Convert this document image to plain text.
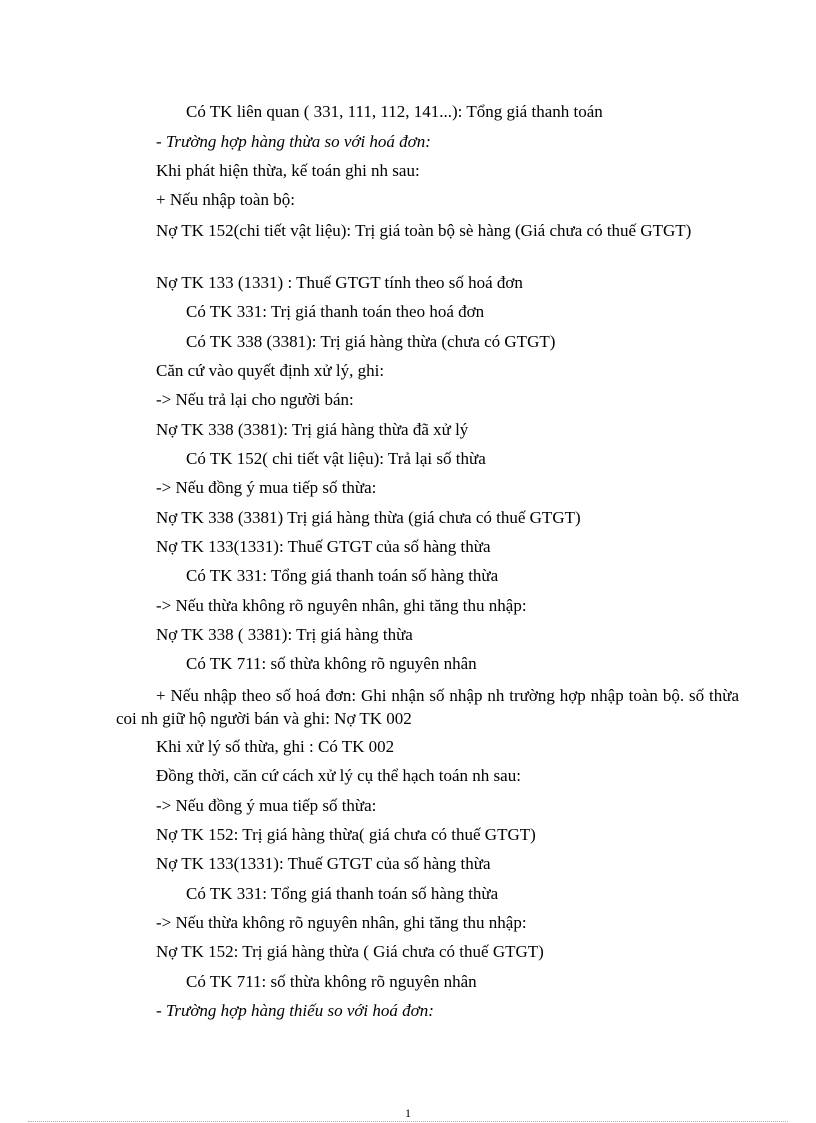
Có TK liên quan ( 331, 111, 112, 141...): Tổng giá thanh toán
- Trường hợp hàng thừa so với hoá đơn:
Khi phát hiện thừa, kế toán ghi nh sau:
+ Nếu nhập toàn bộ:
Nợ TK 152(chi tiết vật liệu): Trị giá toàn bộ sè hàng (Giá chưa có thuế GTGT)
Nợ TK 133 (1331) : Thuế GTGT tính theo số hoá đơn
Có TK 331: Trị giá thanh toán theo hoá đơn
Có TK 338 (3381): Trị giá hàng thừa (chưa có GTGT)
Căn cứ vào quyết định xử lý, ghi:
-> Nếu trả lại cho người bán:
Nợ TK 338 (3381): Trị giá hàng thừa đã xử lý
Có TK 152( chi tiết vật liệu): Trả lại số thừa
-> Nếu đồng ý mua tiếp số thừa:
Nợ TK 338 (3381) Trị giá hàng thừa (giá chưa có thuế GTGT)
Nợ TK 133(1331): Thuế GTGT của số hàng thừa
Có TK 331: Tổng giá thanh toán số hàng thừa
-> Nếu thừa không rõ nguyên nhân, ghi tăng thu nhập:
Nợ TK 338 ( 3381): Trị giá hàng thừa
Có TK 711: số thừa không rõ nguyên nhân
+ Nếu nhập theo số hoá đơn: Ghi nhận số nhập nh trường hợp nhập toàn bộ. số thừa coi nh giữ hộ người bán và ghi: Nợ TK 002
Khi xử lý số thừa, ghi : Có TK 002
Đồng thời, căn cứ cách xử lý cụ thể hạch toán nh sau:
-> Nếu đồng ý mua tiếp số thừa:
Nợ TK 152: Trị giá hàng thừa( giá chưa có thuế GTGT)
Nợ TK 133(1331): Thuế GTGT của số hàng thừa
Có TK 331: Tổng giá thanh toán số hàng thừa
-> Nếu thừa không rõ nguyên nhân, ghi tăng thu nhập:
Nợ TK 152: Trị giá hàng thừa ( Giá chưa có thuế GTGT)
Có TK 711: số thừa không rõ nguyên nhân
- Trường hợp hàng thiếu so với hoá đơn:
1
